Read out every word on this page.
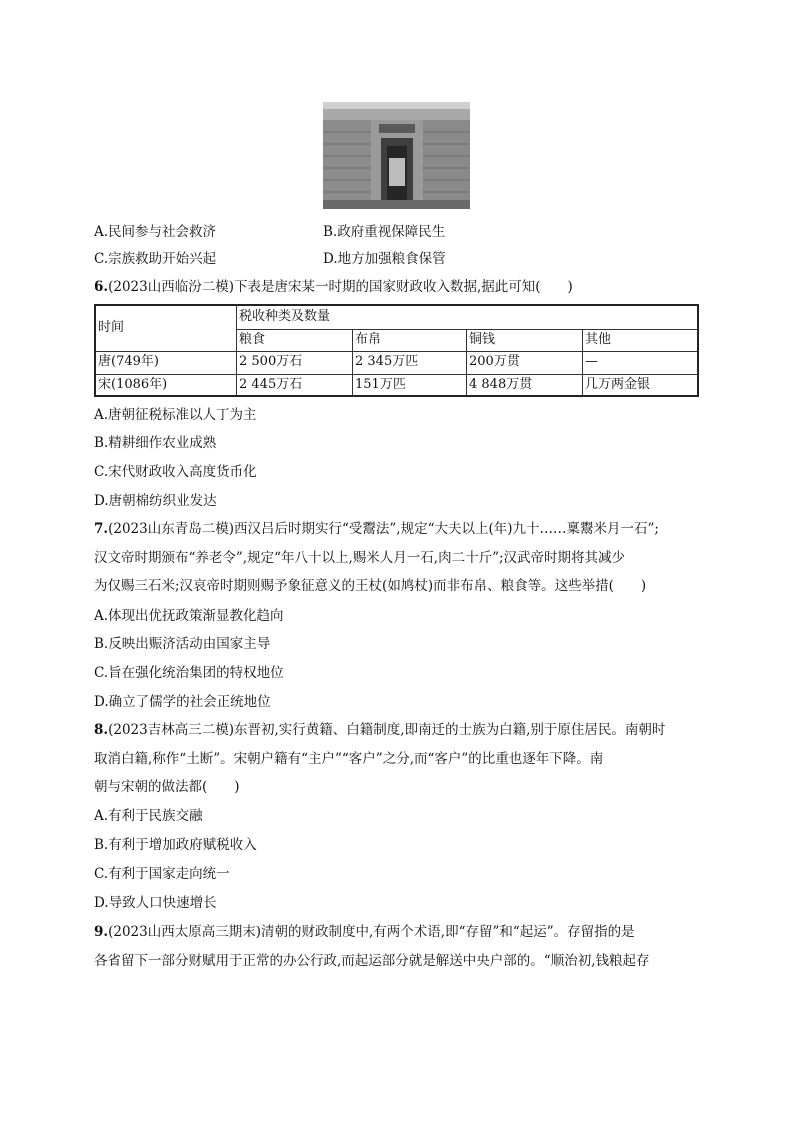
A.民间参与社会救济	B.政府重视保障民生
C.宗族救助开始兴起	D.地方加强粮食保管
6.(2023山西临汾二模)下表是唐宋某一时期的国家财政收入数据,据此可知(　　)
时间
税收种类及数量
粮食	布帛	铜钱	其他
唐(749年)	2 500万石	2 345万匹	200万贯	—
宋(1086年)	2 445万石	151万匹	4 848万贯	几万两金银
A.唐朝征税标准以人丁为主
B.精耕细作农业成熟
C.宋代财政收入高度货币化
D.唐朝棉纺织业发达
7.(2023山东青岛二模)西汉吕后时期实行“受鬻法”,规定“大夫以上(年)九十……稟鬻米月一石”;
汉文帝时期颁布“养老令”,规定“年八十以上,赐米人月一石,肉二十斤”;汉武帝时期将其减少
为仅赐三石米;汉哀帝时期则赐予象征意义的王杖(如鸠杖)而非布帛、粮食等。这些举措(　　)
A.体现出优抚政策渐显教化趋向
B.反映出赈济活动由国家主导
C.旨在强化统治集团的特权地位
D.确立了儒学的社会正统地位
8.(2023吉林高三二模)东晋初,实行黄籍、白籍制度,即南迁的士族为白籍,别于原住居民。南朝时
取消白籍,称作“土断”。宋朝户籍有“主户”“客户”之分,而“客户”的比重也逐年下降。南
朝与宋朝的做法都(　　)
A.有利于民族交融
B.有利于增加政府赋税收入
C.有利于国家走向统一
D.导致人口快速增长
9.(2023山西太原高三期末)清朝的财政制度中,有两个术语,即“存留”和“起运”。存留指的是
各省留下一部分财赋用于正常的办公行政,而起运部分就是解送中央户部的。“顺治初,钱粮起存
